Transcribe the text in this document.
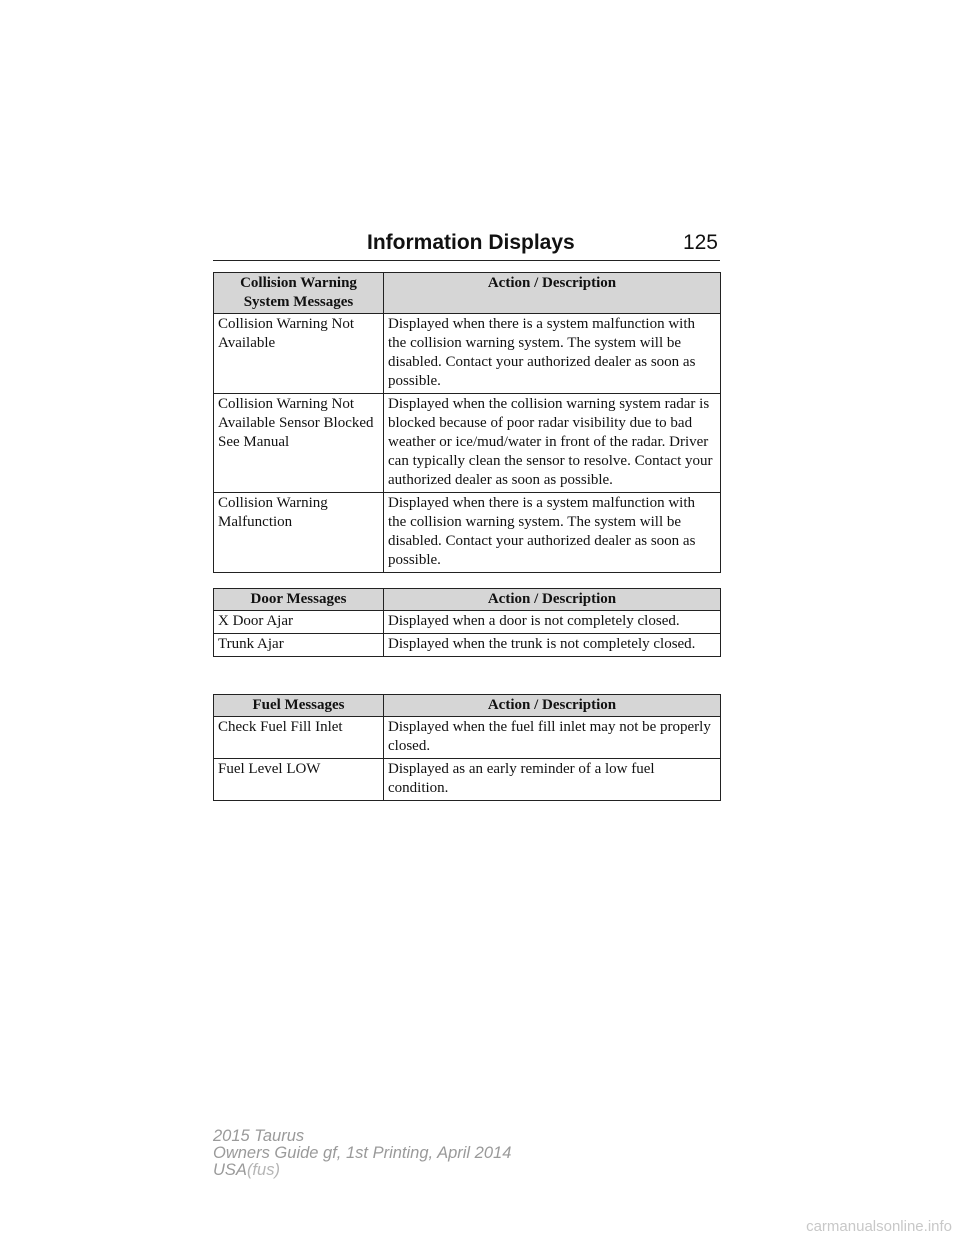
Information Displays	125
Collision Warning System Messages	Action / Description
Collision Warning Not Available	Displayed when there is a system malfunction with the collision warning system. The system will be disabled. Contact your authorized dealer as soon as possible.
Collision Warning Not Available Sensor Blocked See Manual	Displayed when the collision warning system radar is blocked because of poor radar visibility due to bad weather or ice/mud/water in front of the radar. Driver can typically clean the sensor to resolve. Contact your authorized dealer as soon as possible.
Collision Warning Malfunction	Displayed when there is a system malfunction with the collision warning system. The system will be disabled. Contact your authorized dealer as soon as possible.
Door Messages	Action / Description
X Door Ajar	Displayed when a door is not completely closed.
Trunk Ajar	Displayed when the trunk is not completely closed.
Fuel Messages	Action / Description
Check Fuel Fill Inlet	Displayed when the fuel fill inlet may not be properly closed.
Fuel Level LOW	Displayed as an early reminder of a low fuel condition.
2015 Taurus
Owners Guide gf, 1st Printing, April 2014
USA(fus)
carmanualsonline.info
